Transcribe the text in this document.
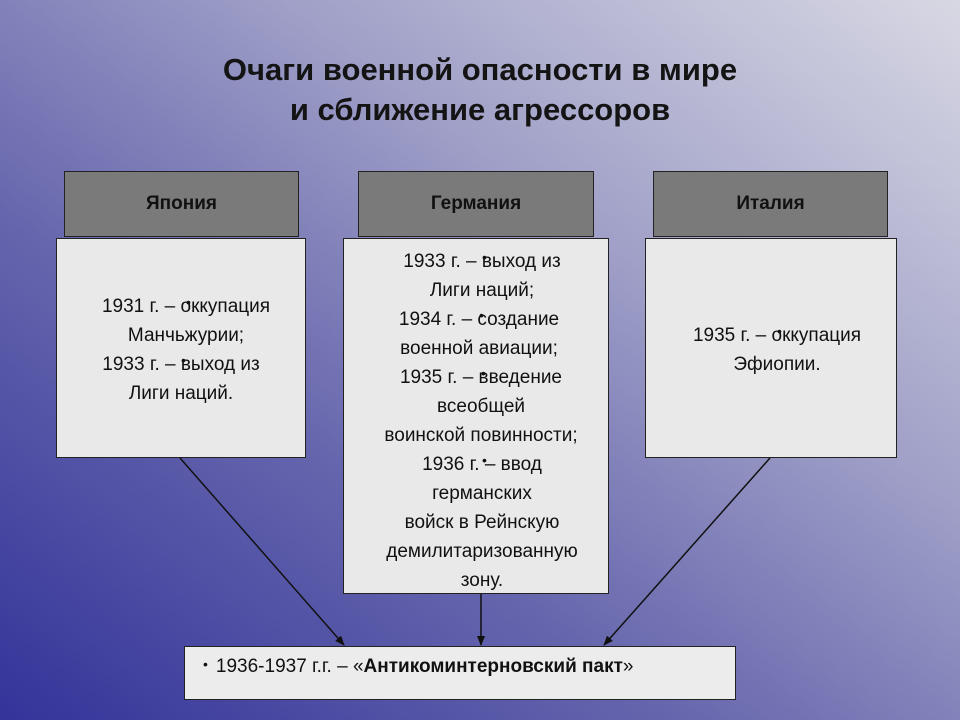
Очаги военной опасности в мире
и сближение агрессоров
Япония	Германия	Италия
• 1931 г. – оккупация
Манчьжурии;
• 1933 г. – выход из
Лиги наций.
• 1933 г. – выход из
Лиги наций;
• 1934 г. – создание
военной авиации;
• 1935 г. – введение
всеобщей
воинской повинности;
• 1936 г. – ввод
германских
войск в Рейнскую
демилитаризованную
зону.
• 1935 г. – оккупация
Эфиопии.
• 1936-1937 г.г. – «Антикоминтерновский пакт»
